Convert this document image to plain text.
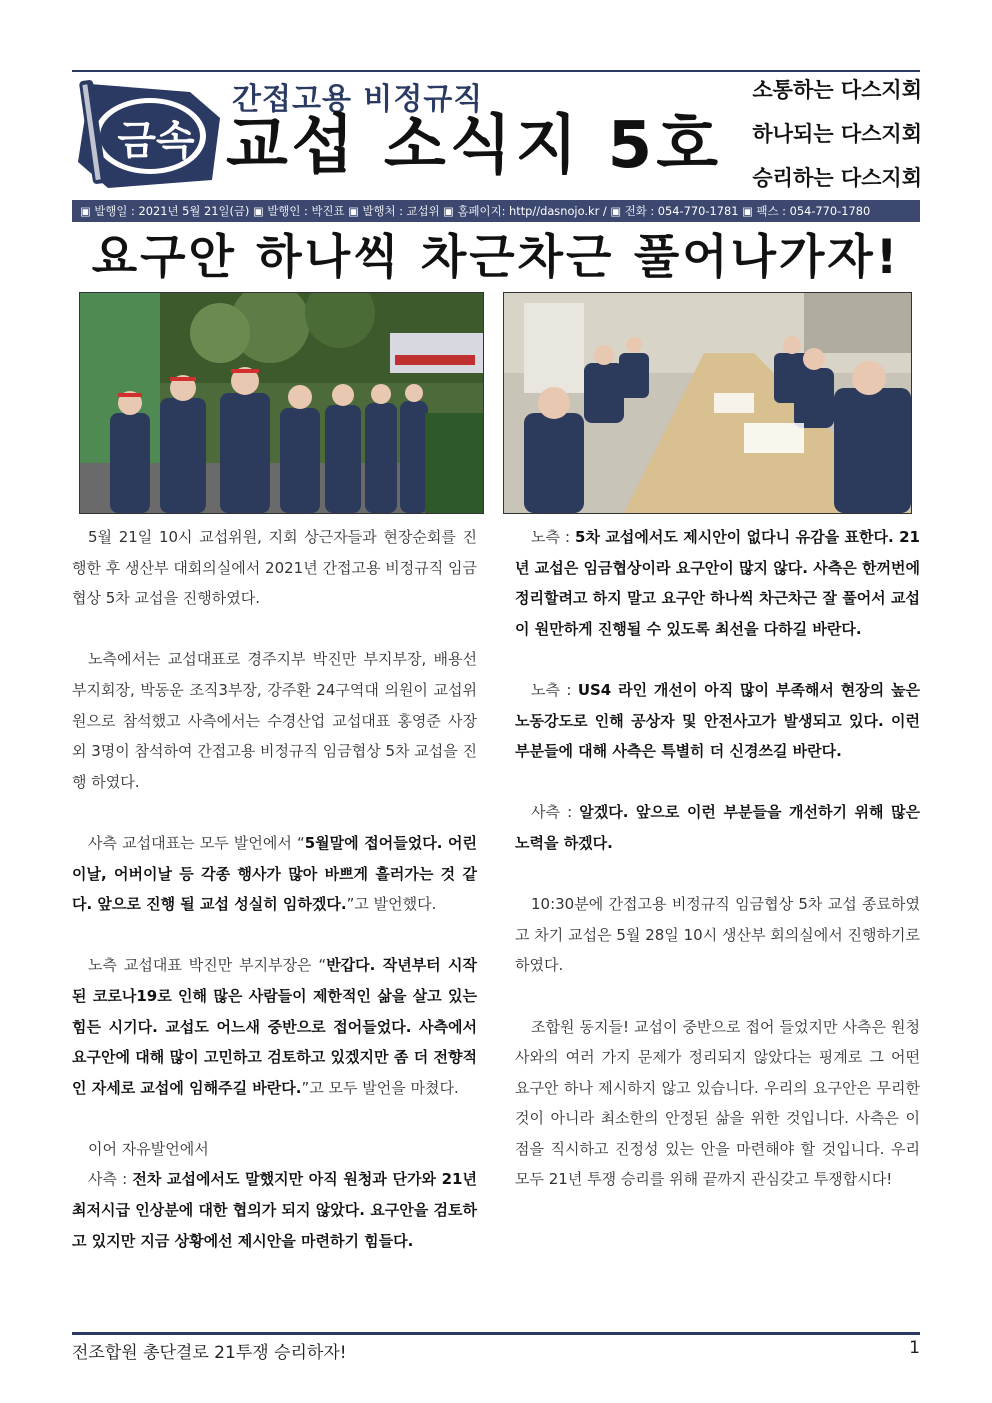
금속
간접고용 비정규직
교섭 소식지 5호
소통하는 다스지회
하나되는 다스지회
승리하는 다스지회
▣ 발행일 : 2021년 5월 21일(금) ▣ 발행인 : 박진표 ▣ 발행처 : 교섭위 ▣ 홈페이지: http//dasnojo.kr / ▣ 전화 : 054-770-1781 ▣ 팩스 : 054-770-1780
요구안 하나씩 차근차근 풀어나가자!

5월 21일 10시 교섭위원, 지회 상근자들과 현장순회를 진행한 후 생산부 대회의실에서 2021년 간접고용 비정규직 임금협상 5차 교섭을 진행하였다.

노측에서는 교섭대표로 경주지부 박진만 부지부장, 배용선 부지회장, 박동운 조직3부장, 강주환 24구역대 의원이 교섭위원으로 참석했고 사측에서는 수경산업 교섭대표 홍영준 사장 외 3명이 참석하여 간접고용 비정규직 임금협상 5차 교섭을 진행 하였다.

사측 교섭대표는 모두 발언에서 “5월말에 접어들었다. 어린이날, 어버이날 등 각종 행사가 많아 바쁘게 흘러가는 것 같다. 앞으로 진행 될 교섭 성실히 임하겠다.”고 발언했다.

노측 교섭대표 박진만 부지부장은 “반갑다. 작년부터 시작된 코로나19로 인해 많은 사람들이 제한적인 삶을 살고 있는 힘든 시기다. 교섭도 어느새 중반으로 접어들었다. 사측에서 요구안에 대해 많이 고민하고 검토하고 있겠지만 좀 더 전향적인 자세로 교섭에 임해주길 바란다.”고 모두 발언을 마쳤다.

이어 자유발언에서

사측 : 전차 교섭에서도 말했지만 아직 원청과 단가와 21년 최저시급 인상분에 대한 협의가 되지 않았다. 요구안을 검토하고 있지만 지금 상황에선 제시안을 마련하기 힘들다.

노측 : 5차 교섭에서도 제시안이 없다니 유감을 표한다. 21년 교섭은 임금협상이라 요구안이 많지 않다. 사측은 한꺼번에 정리할려고 하지 말고 요구안 하나씩 차근차근 잘 풀어서 교섭이 원만하게 진행될 수 있도록 최선을 다하길 바란다.

노측 : US4 라인 개선이 아직 많이 부족해서 현장의 높은 노동강도로 인해 공상자 및 안전사고가 발생되고 있다. 이런 부분들에 대해 사측은 특별히 더 신경쓰길 바란다.

사측 : 알겠다. 앞으로 이런 부분들을 개선하기 위해 많은 노력을 하겠다.

10:30분에 간접고용 비정규직 임금협상 5차 교섭 종료하였고 차기 교섭은 5월 28일 10시 생산부 회의실에서 진행하기로 하였다.

조합원 동지들! 교섭이 중반으로 접어 들었지만 사측은 원청사와의 여러 가지 문제가 정리되지 않았다는 핑계로 그 어떤 요구안 하나 제시하지 않고 있습니다. 우리의 요구안은 무리한 것이 아니라 최소한의 안정된 삶을 위한 것입니다. 사측은 이 점을 직시하고 진정성 있는 안을 마련해야 할 것입니다. 우리 모두 21년 투쟁 승리를 위해 끝까지 관심갖고 투쟁합시다!

전조합원 총단결로 21투쟁 승리하자!	1
